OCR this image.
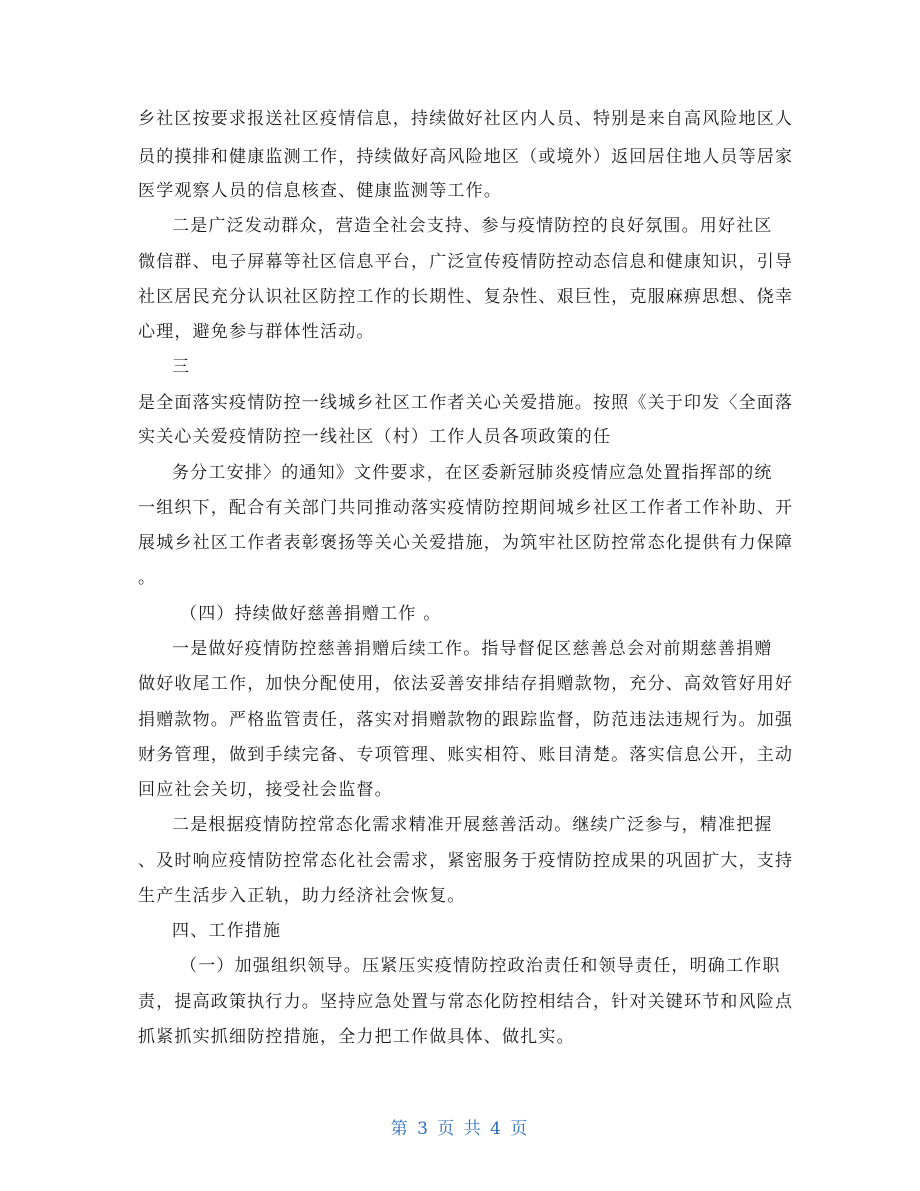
乡社区按要求报送社区疫情信息，持续做好社区内人员、特别是来自高风险地区人
员的摸排和健康监测工作，持续做好高风险地区（或境外）返回居住地人员等居家
医学观察人员的信息核查、健康监测等工作。
二是广泛发动群众，营造全社会支持、参与疫情防控的良好氛围。用好社区
微信群、电子屏幕等社区信息平台，广泛宣传疫情防控动态信息和健康知识，引导
社区居民充分认识社区防控工作的长期性、复杂性、艰巨性，克服麻痹思想、侥幸
心理，避免参与群体性活动。
三
是全面落实疫情防控一线城乡社区工作者关心关爱措施。按照《关于印发〈全面落
实关心关爱疫情防控一线社区（村）工作人员各项政策的任
务分工安排〉的通知》文件要求，在区委新冠肺炎疫情应急处置指挥部的统
一组织下，配合有关部门共同推动落实疫情防控期间城乡社区工作者工作补助、开
展城乡社区工作者表彰褒扬等关心关爱措施，为筑牢社区防控常态化提供有力保障
。
（四）持续做好慈善捐赠工作 。
一是做好疫情防控慈善捐赠后续工作。指导督促区慈善总会对前期慈善捐赠
做好收尾工作，加快分配使用，依法妥善安排结存捐赠款物，充分、高效管好用好
捐赠款物。严格监管责任，落实对捐赠款物的跟踪监督，防范违法违规行为。加强
财务管理，做到手续完备、专项管理、账实相符、账目清楚。落实信息公开，主动
回应社会关切，接受社会监督。
二是根据疫情防控常态化需求精准开展慈善活动。继续广泛参与，精准把握
、及时响应疫情防控常态化社会需求，紧密服务于疫情防控成果的巩固扩大，支持
生产生活步入正轨，助力经济社会恢复。
四、工作措施
（一）加强组织领导。压紧压实疫情防控政治责任和领导责任，明确工作职
责，提高政策执行力。坚持应急处置与常态化防控相结合，针对关键环节和风险点
抓紧抓实抓细防控措施，全力把工作做具体、做扎实。
第 3 页 共 4 页
